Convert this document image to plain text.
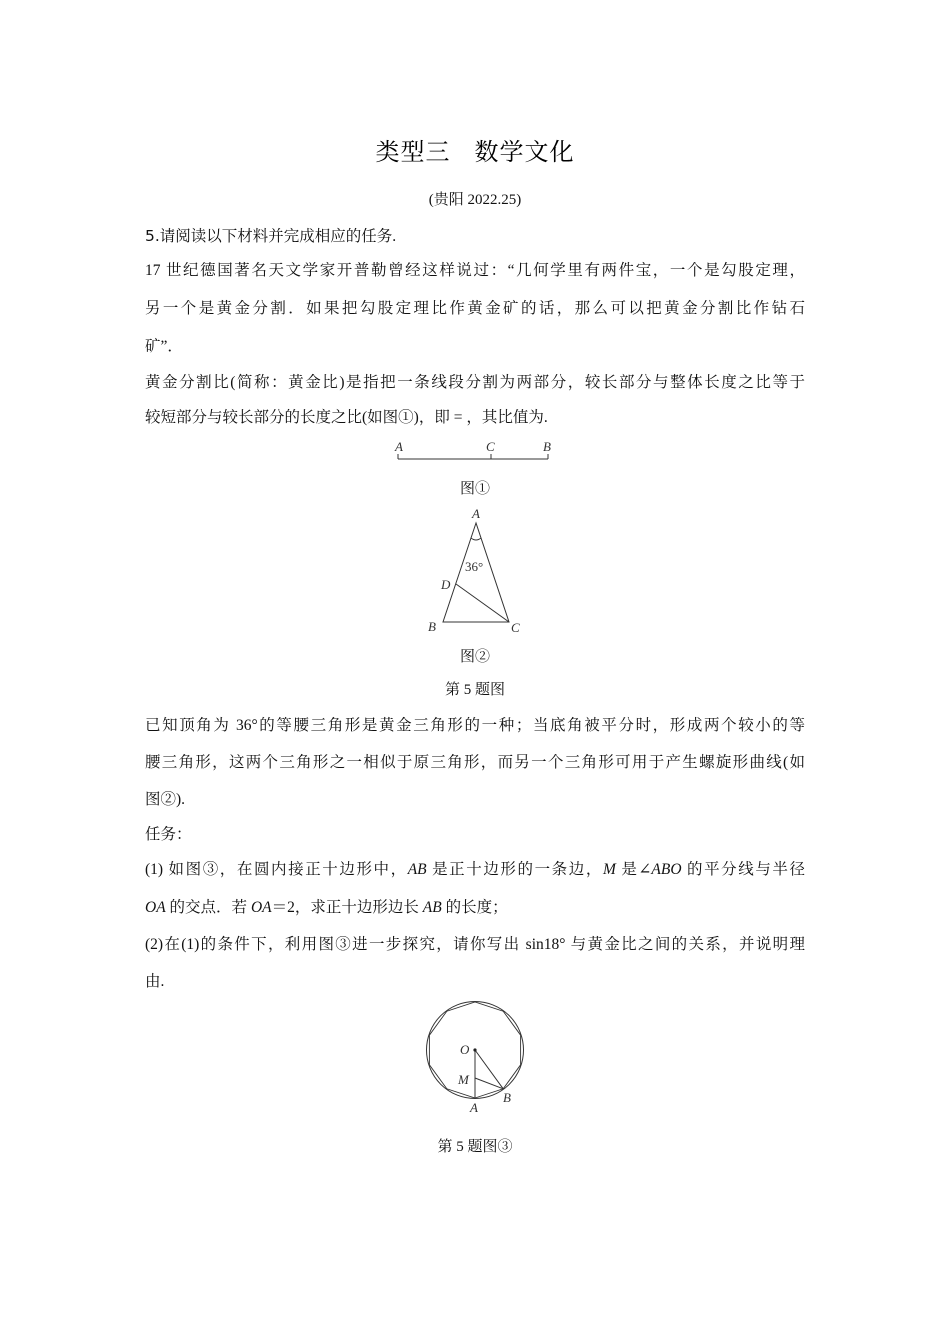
类型三 数学文化
(贵阳 2022.25)
5.请阅读以下材料并完成相应的任务.
17 世纪德国著名天文学家开普勒曾经这样说过：“几何学里有两件宝，一个是勾股定理，
另一个是黄金分割．如果把勾股定理比作黄金矿的话，那么可以把黄金分割比作钻石
矿”．
黄金分割比(简称：黄金比)是指把一条线段分割为两部分，较长部分与整体长度之比等于
较短部分与较长部分的长度之比(如图①)，即 = ，其比值为.
A	C	B
图①
A
B	C
D
36°
图②
第 5 题图
已知顶角为 36°的等腰三角形是黄金三角形的一种；当底角被平分时，形成两个较小的等
腰三角形，这两个三角形之一相似于原三角形，而另一个三角形可用于产生螺旋形曲线(如
图②).
任务：
(1) 如图③，在圆内接正十边形中，AB 是正十边形的一条边，M 是∠ABO 的平分线与半径
OA 的交点．若 OA＝2，求正十边形边长 AB 的长度；
(2)在(1)的条件下，利用图③进一步探究，请你写出 sin18° 与黄金比之间的关系，并说明理
由.
O
M
A
B
第 5 题图③
